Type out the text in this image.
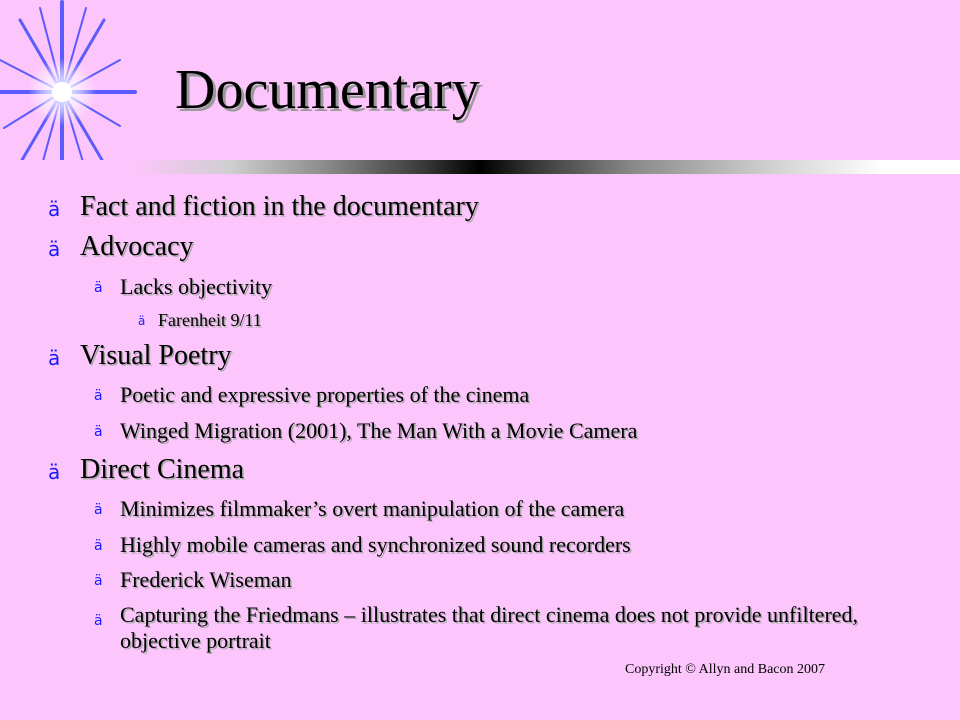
Documentary
ä Fact and fiction in the documentary
ä Advocacy
ä Lacks objectivity
ä Farenheit 9/11
ä Visual Poetry
ä Poetic and expressive properties of the cinema
ä Winged Migration (2001), The Man With a Movie Camera
ä Direct Cinema
ä Minimizes filmmaker’s overt manipulation of the camera
ä Highly mobile cameras and synchronized sound recorders
ä Frederick Wiseman
ä Capturing the Friedmans – illustrates that direct cinema does not provide unfiltered, objective portrait
Copyright © Allyn and Bacon 2007
